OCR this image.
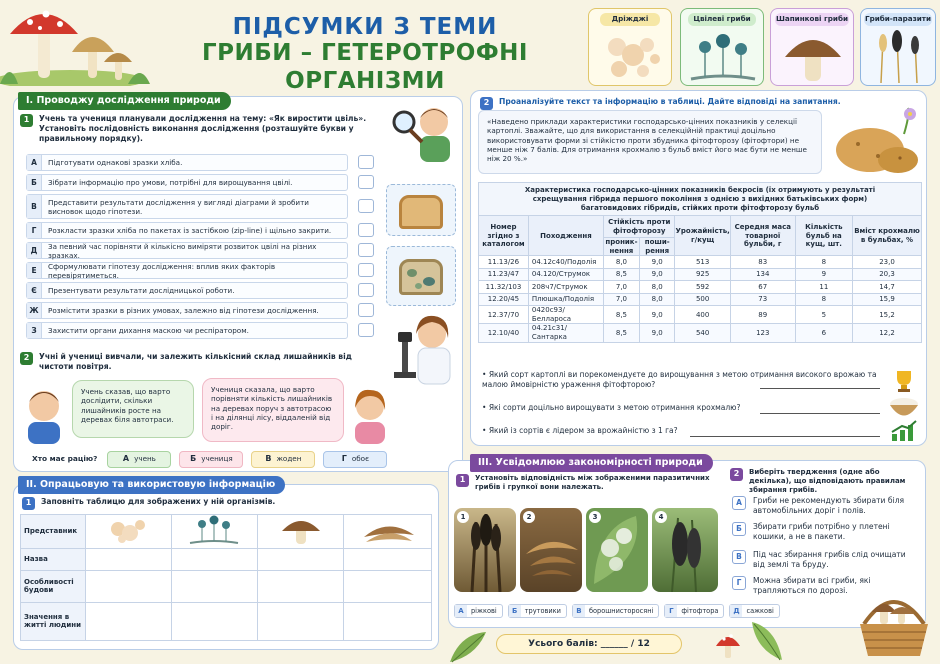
ПІДСУМКИ З ТЕМИ
ГРИБИ – ГЕТЕРОТРОФНІ ОРГАНІЗМИ
Дріжджі	Цвілеві гриби	Шапинкові гриби Гриби-паразити
І. Проводжу дослідження природи
1	Учень та учениця планували дослідження на тему: «Як виростити цвіль». Установіть послідовність виконання дослідження (розташуйте букви у правильному порядку).
А	Підготувати однакові зразки хліба.
Б	Зібрати інформацію про умови, потрібні для вирощування цвілі.
В	Представити результати дослідження у вигляді діаграми й зробити висновок щодо гіпотези.
Г	Розкласти зразки хліба по пакетах із застібкою (zip-line) і щільно закрити.
Д	За певний час порівняти й кількісно виміряти розвиток цвілі на різних зразках.
Е	Сформулювати гіпотезу дослідження: вплив яких факторів перевірятиметься.
Є	Презентувати результати дослідницької роботи.
Ж	Розмістити зразки в різних умовах, залежно від гіпотези дослідження.
З	Захистити органи дихання маскою чи респіратором.
2	Учні й учениці вивчали, чи залежить кількісний склад лишайників від чистоти повітря.
Учень сказав, що варто дослідити, скільки лишайників росте на деревах біля автотраси.
Учениця сказала, що варто порівняти кількість лишайників на деревах поруч з автотрасою і на ділянці лісу, віддаленій від доріг.
Хто має рацію?	А учень	Б учениця	В жоден	Г обоє
ІІ. Опрацьовую та використовую інформацію
1	Заповніть таблицю для зображених у ній організмів.
Представник				
Назва				
Особливості будови				
Значення в житті людини				
2	Проаналізуйте текст та інформацію в таблиці. Дайте відповіді на запитання.
«Наведено приклади характеристики господарсько-цінних показників у селекції картоплі. Зважайте, що для використання в селекційній практиці доцільно використовувати форми зі стійкістю проти збудника фітофторозу (фітофтори) не менше ніж 7 балів. Для отримання крохмалю з бульб вміст його має бути не менше ніж 20 %.»
Характеристика господарсько-цінних показників бекросів (їх отримують у результаті схрещування гібрида першого покоління з однією з вихідних батьківських форм) багатовидових гібридів, стійких проти фітофторозу бульб							
Номер згідно з каталогом	Походження	Стійкість проти фітофторозу		Урожайність, г/кущ	Середня маса товарної бульби, г	Кількість бульб на кущ, шт.	Вміст крохмалю в бульбах, %
		проникнення	поширення				
11.13/26	04.12с40/Подолія	8,0	9,0	513	83	8	23,0
11.23/47	04.120/Струмок	8,5	9,0	925	134	9	20,3
11.32/103	208ч7/Струмок	7,0	8,0	592	67	11	14,7
12.20/45	Плюшка/Подолія	7,0	8,0	500	73	8	15,9
12.37/70	0420с93/Беллароса	8,5	9,0	400	89	5	15,2
12.10/40	04.21с31/Сантарка	8,5	9,0	540	123	6	12,2
• Який сорт картоплі ви порекомендуєте до вирощування з метою отримання високого врожаю та малою ймовірністю ураження фітофторою?
• Які сорти доцільно вирощувати з метою отримання крохмалю?
• Який із сортів є лідером за врожайністю з 1 га?
ІІІ. Усвідомлюю закономірності природи
1	Установіть відповідність між зображеними паразитичних грибів і групкої вони належать.
1	2	3	4
А	ріжкові	Б	трутовики	В	борошнисторосяні	Г	фітофтора	Д	сажкові
2	Виберіть твердження (одне або декілька), що відповідають правилам збирання грибів.
А	Гриби не рекомендують збирати біля автомобільних доріг і полів.
Б	Збирати гриби потрібно у плетені кошики, а не в пакети.
В	Під час збирання грибів слід очищати від землі та бруду.
Г	Можна збирати всі гриби, які трапляються по дорозі.
Усього балів: ______ / 12
